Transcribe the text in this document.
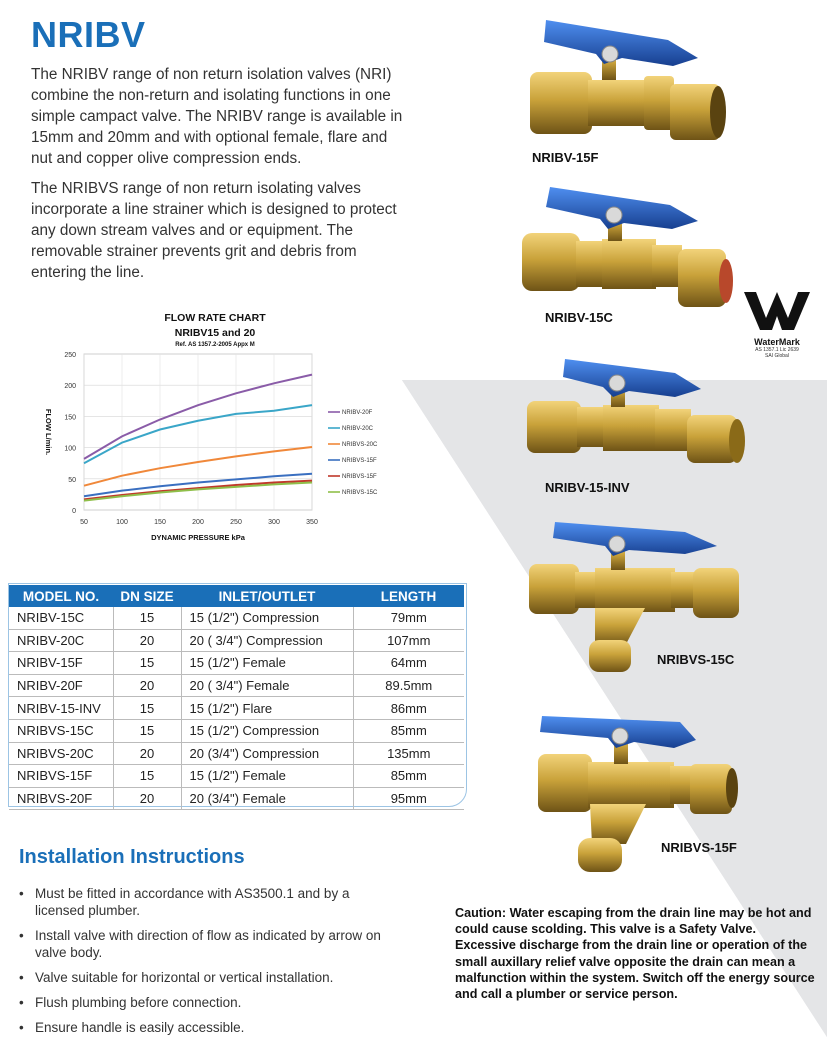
NRIBV

The NRIBV range of non return isolation valves (NRI) combine the non-return and isolating functions in one simple campact valve. The NRIBV range is available in 15mm and 20mm and with optional female, flare and nut and copper olive compression ends.

The NRIBVS range of non return isolating valves incorporate a line strainer which is designed to protect any down stream valves and or equipment. The removable strainer prevents grit and debris from entering the line.

FLOW RATE CHART
NRIBV15 and 20
Ref. AS 1357.2-2005 Appx M
0
50
100
150
200
250
50	100	150	200	250	300	350
DYNAMIC PRESSURE kPa
FLOW L/min.	NRIBV-20F
NRIBV-20C
NRIBVS-20C
NRIBVS-15F
NRIBVS-15F
NRIBVS-15C
MODEL NO.	DN SIZE	INLET/OUTLET	LENGTH
NRIBV-15C	15	15 (1/2") Compression	79mm
NRIBV-20C	20	20 ( 3/4") Compression	107mm
NRIBV-15F	15	15 (1/2") Female	64mm
NRIBV-20F	20	20 ( 3/4") Female	89.5mm
NRIBV-15-INV	15	15 (1/2") Flare	86mm
NRIBVS-15C	15	15 (1/2") Compression	85mm
NRIBVS-20C	20	20 (3/4") Compression	135mm
NRIBVS-15F	15	15 (1/2") Female	85mm
NRIBVS-20F	20	20 (3/4") Female	95mm
Installation Instructions
• Must be fitted in accordance with AS3500.1 and by a licensed plumber.
• Install valve with direction of flow as indicated by arrow on valve body.
• Valve suitable for horizontal or vertical installation.
• Flush plumbing before connection.
• Ensure handle is easily accessible.
NRIBV-15F
NRIBV-15C
NRIBV-15-INV
NRIBVS-15C
NRIBVS-15F
WaterMark
AS 1357.1 Lic 2639
SAI Global
Caution: Water escaping from the drain line may be hot and could cause scolding. This valve is a Safety Valve. Excessive discharge from the drain line or operation of the small auxillary relief valve opposite the drain can mean a malfunction within the system. Switch off the energy source and call a plumber or service person.
